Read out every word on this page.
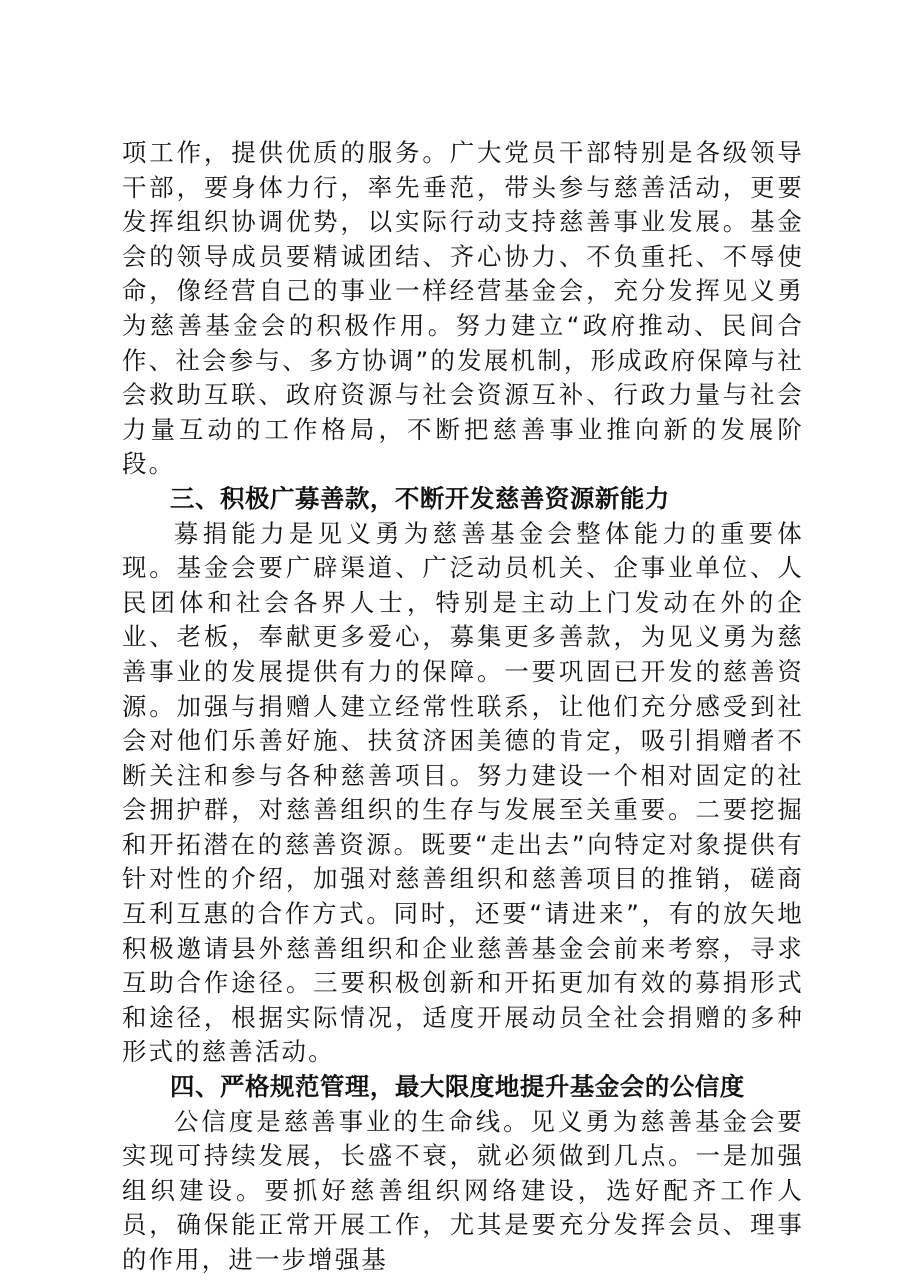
项工作，提供优质的服务。广大党员干部特别是各级领导干部，要身体力行，率先垂范，带头参与慈善活动，更要发挥组织协调优势，以实际行动支持慈善事业发展。基金会的领导成员要精诚团结、齐心协力、不负重托、不辱使命，像经营自己的事业一样经营基金会，充分发挥见义勇为慈善基金会的积极作用。努力建立“政府推动、民间合作、社会参与、多方协调”的发展机制，形成政府保障与社会救助互联、政府资源与社会资源互补、行政力量与社会力量互动的工作格局，不断把慈善事业推向新的发展阶段。

三、积极广募善款，不断开发慈善资源新能力

募捐能力是见义勇为慈善基金会整体能力的重要体现。基金会要广辟渠道、广泛动员机关、企事业单位、人民团体和社会各界人士，特别是主动上门发动在外的企业、老板，奉献更多爱心，募集更多善款，为见义勇为慈善事业的发展提供有力的保障。一要巩固已开发的慈善资源。加强与捐赠人建立经常性联系，让他们充分感受到社会对他们乐善好施、扶贫济困美德的肯定，吸引捐赠者不断关注和参与各种慈善项目。努力建设一个相对固定的社会拥护群，对慈善组织的生存与发展至关重要。二要挖掘和开拓潜在的慈善资源。既要“走出去”向特定对象提供有针对性的介绍，加强对慈善组织和慈善项目的推销，磋商互利互惠的合作方式。同时，还要“请进来”，有的放矢地积极邀请县外慈善组织和企业慈善基金会前来考察，寻求互助合作途径。三要积极创新和开拓更加有效的募捐形式和途径，根据实际情况，适度开展动员全社会捐赠的多种形式的慈善活动。

四、严格规范管理，最大限度地提升基金会的公信度

公信度是慈善事业的生命线。见义勇为慈善基金会要实现可持续发展，长盛不衰，就必须做到几点。一是加强组织建设。要抓好慈善组织网络建设，选好配齐工作人员，确保能正常开展工作，尤其是要充分发挥会员、理事的作用，进一步增强基
